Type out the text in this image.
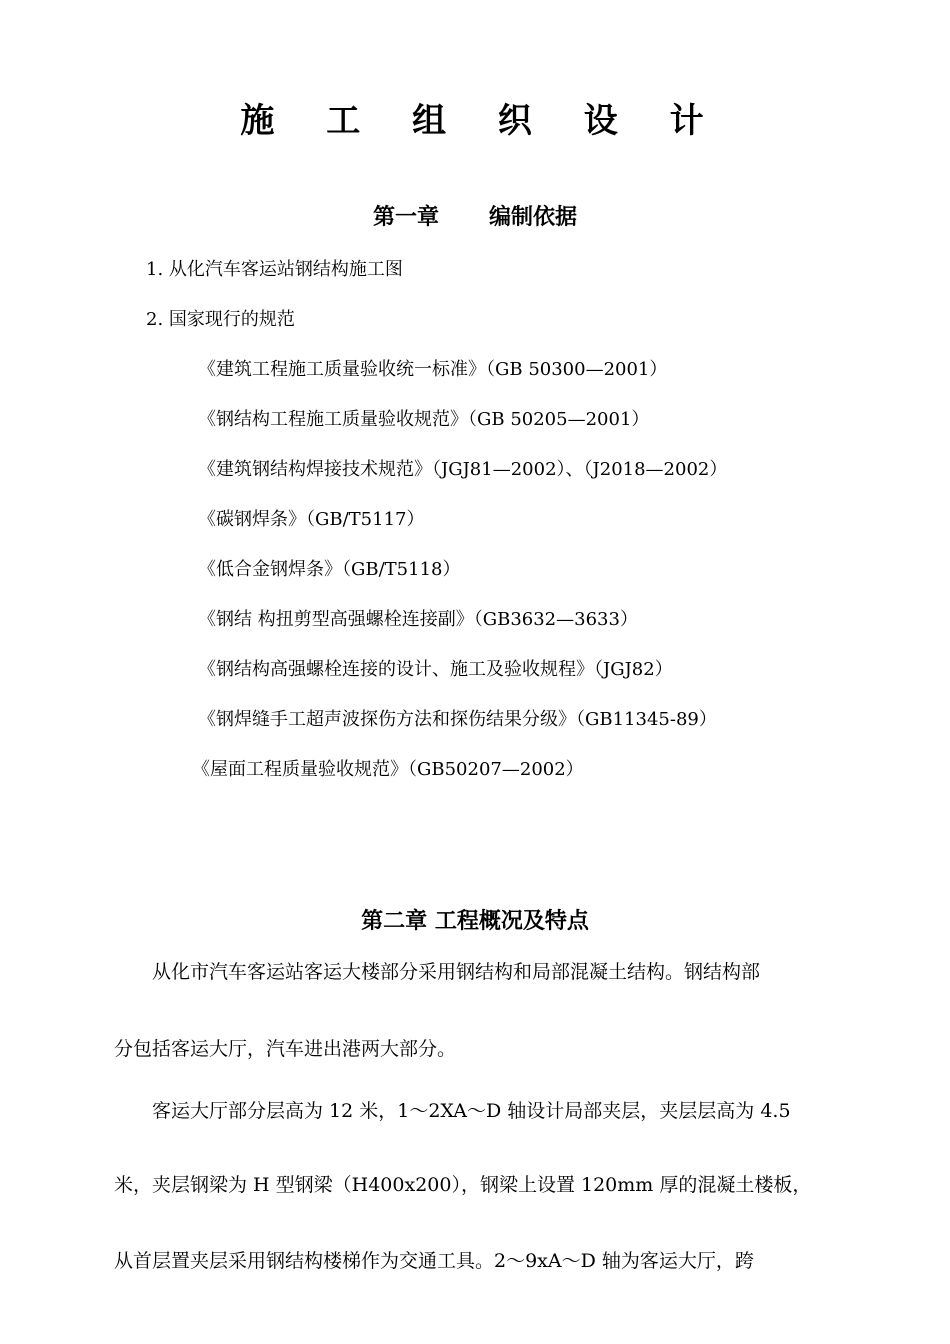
施 工 组 织 设 计
第一章 编制依据
1. 从化汽车客运站钢结构施工图
2. 国家现行的规范
《建筑工程施工质量验收统一标准》（GB 50300—2001）
《钢结构工程施工质量验收规范》（GB 50205—2001）
《建筑钢结构焊接技术规范》（JGJ81—2002）、（J2018—2002）
《碳钢焊条》（GB/T5117）
《低合金钢焊条》（GB/T5118）
《钢结 构扭剪型高强螺栓连接副》（GB3632—3633）
《钢结构高强螺栓连接的设计、施工及验收规程》（JGJ82）
《钢焊缝手工超声波探伤方法和探伤结果分级》（GB11345-89）
《屋面工程质量验收规范》（GB50207—2002）
第二章 工程概况及特点
从化市汽车客运站客运大楼部分采用钢结构和局部混凝土结构。钢结构部
分包括客运大厅，汽车进出港两大部分。
客运大厅部分层高为 12 米，1～2XA～D 轴设计局部夹层，夹层层高为 4.5
米，夹层钢梁为 H 型钢梁（H400x200），钢梁上设置 120mm 厚的混凝土楼板，
从首层置夹层采用钢结构楼梯作为交通工具。2～9xA～D 轴为客运大厅，跨
